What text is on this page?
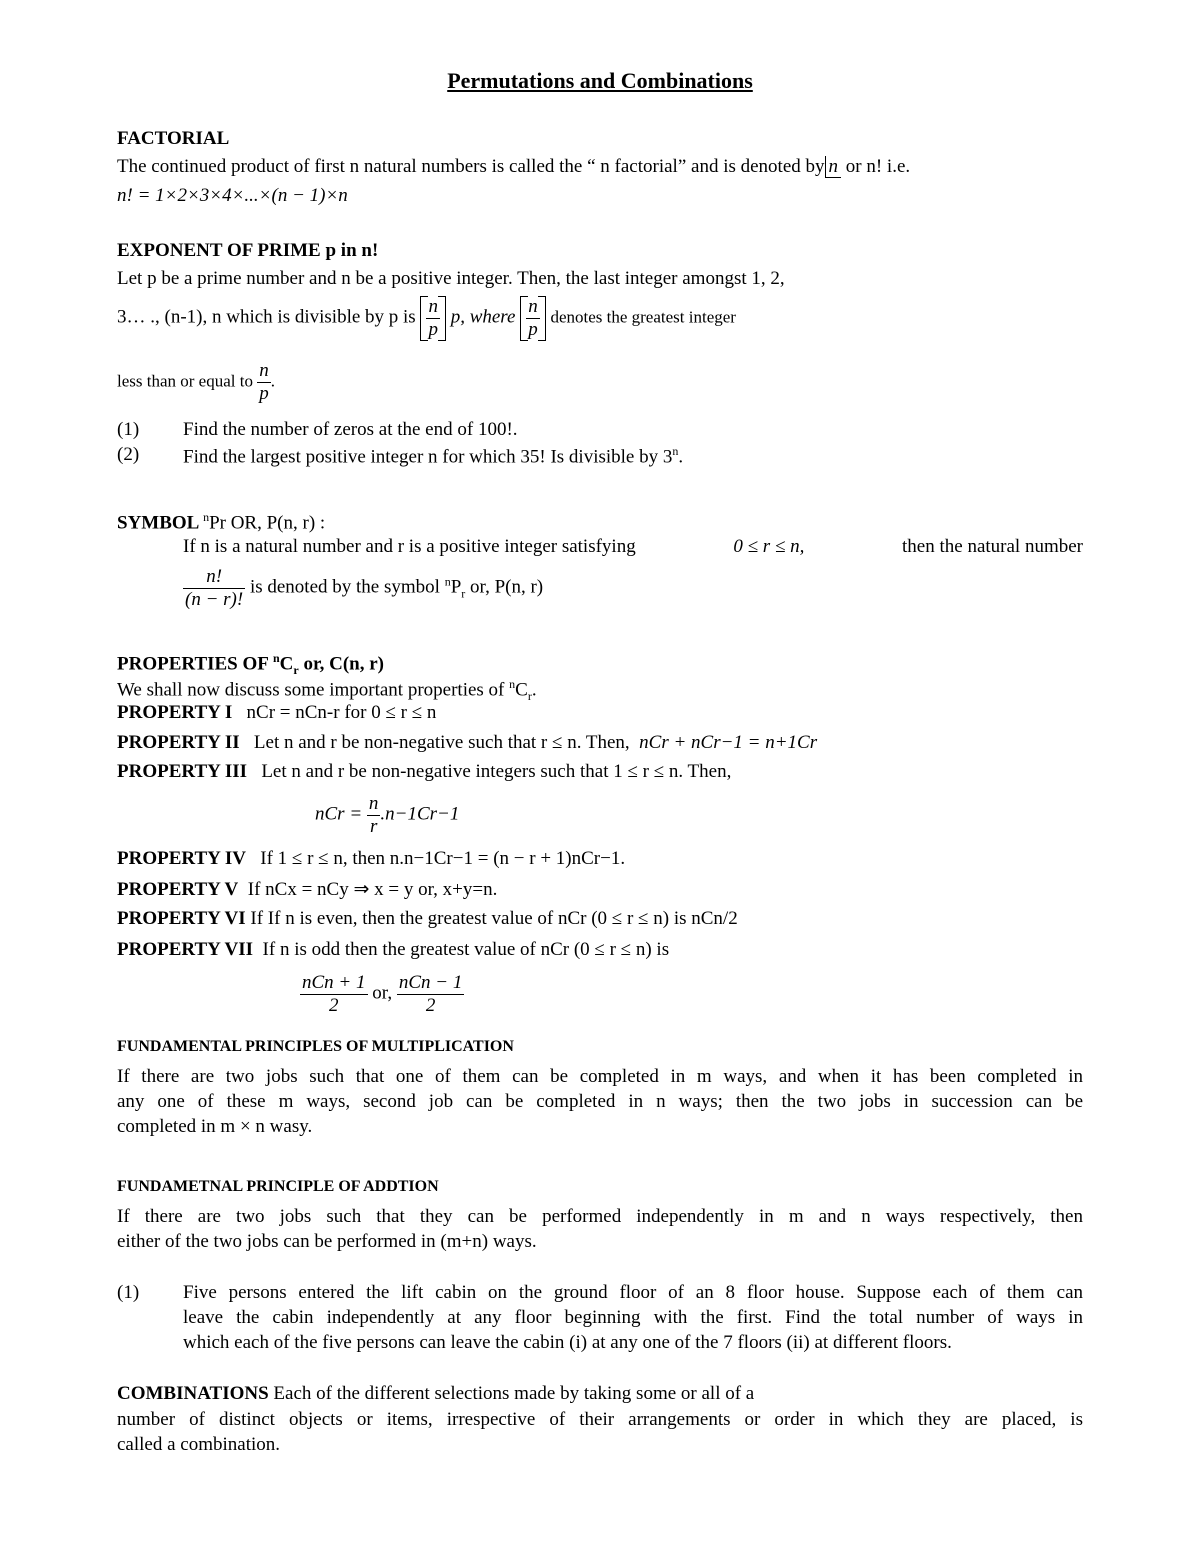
Permutations and Combinations
FACTORIAL
The continued product of first n natural numbers is called the “ n factorial” and is denoted by n or n! i.e.
n! = 1×2×3×4×...×(n − 1)×n
EXPONENT OF PRIME p in n!
Let p be a prime number and n be a positive integer. Then, the last integer amongst 1, 2,
3… ., (n-1), n which is divisible by p is $\frac{n}{p} p$, where $\frac{n}{p}$ denotes the greatest integer
less than or equal to $\frac{n}{p}$ .
(1) Find the number of zeros at the end of 100!.
(2) Find the largest positive integer n for which 35! Is divisible by 3$^n$.
SYMBOL $^n$Pr OR, P(n, r) :
If n is a natural number and r is a positive integer satisfying	0 ≤ r ≤ n,	then the natural number
$\frac{n!}{(n - r)!}$ is denoted by the symbol $^nP_r$ or, P(n, r)
PROPERTIES OF $^nC_r$ or, C(n, r)
We shall now discuss some important properties of $^nC_r$.
PROPERTY I nCr = nCn-r for 0 ≤ r ≤ n
PROPERTY II Let n and r be non-negative such that r ≤ n. Then, nCr + nCr−1 = n+1Cr
PROPERTY III Let n and r be non-negative integers such that 1 ≤ r ≤ n. Then,
nCr = $\frac{n}{r} .n-1Cr-1$
PROPERTY IV If 1 ≤ r ≤ n, then n.n−1Cr−1 = (n − r + 1)nCr−1.
PROPERTY V If nCx = nCy ⇒ x = y or, x+y=n.
PROPERTY VI If If n is even, then the greatest value of nCr (0 ≤ r ≤ n) is nCn/2
PROPERTY VII If n is odd then the greatest value of nCr (0 ≤ r ≤ n) is
$\frac{\text{nCn + 1}}{2}$ or, $\frac{\text{nCn − 1}}{2}$
FUNDAMENTAL PRINCIPLES OF MULTIPLICATION
If there are two jobs such that one of them can be completed in m ways, and when it has been completed in
any one of these m ways, second job can be completed in n ways; then the two jobs in succession can be
completed in m × n wasy.
FUNDAMETNAL PRINCIPLE OF ADDTION
If there are two jobs such that they can be performed independently in m and n ways respectively, then
either of the two jobs can be performed in (m+n) ways.
(1) Five persons entered the lift cabin on the ground floor of an 8 floor house. Suppose each of them can
leave the cabin independently at any floor beginning with the first. Find the total number of ways in
which each of the five persons can leave the cabin (i) at any one of the 7 floors (ii) at different floors.
COMBINATIONS Each of the different selections made by taking some or all of a
number of distinct objects or items, irrespective of their arrangements or order in which they are placed, is
called a combination.
